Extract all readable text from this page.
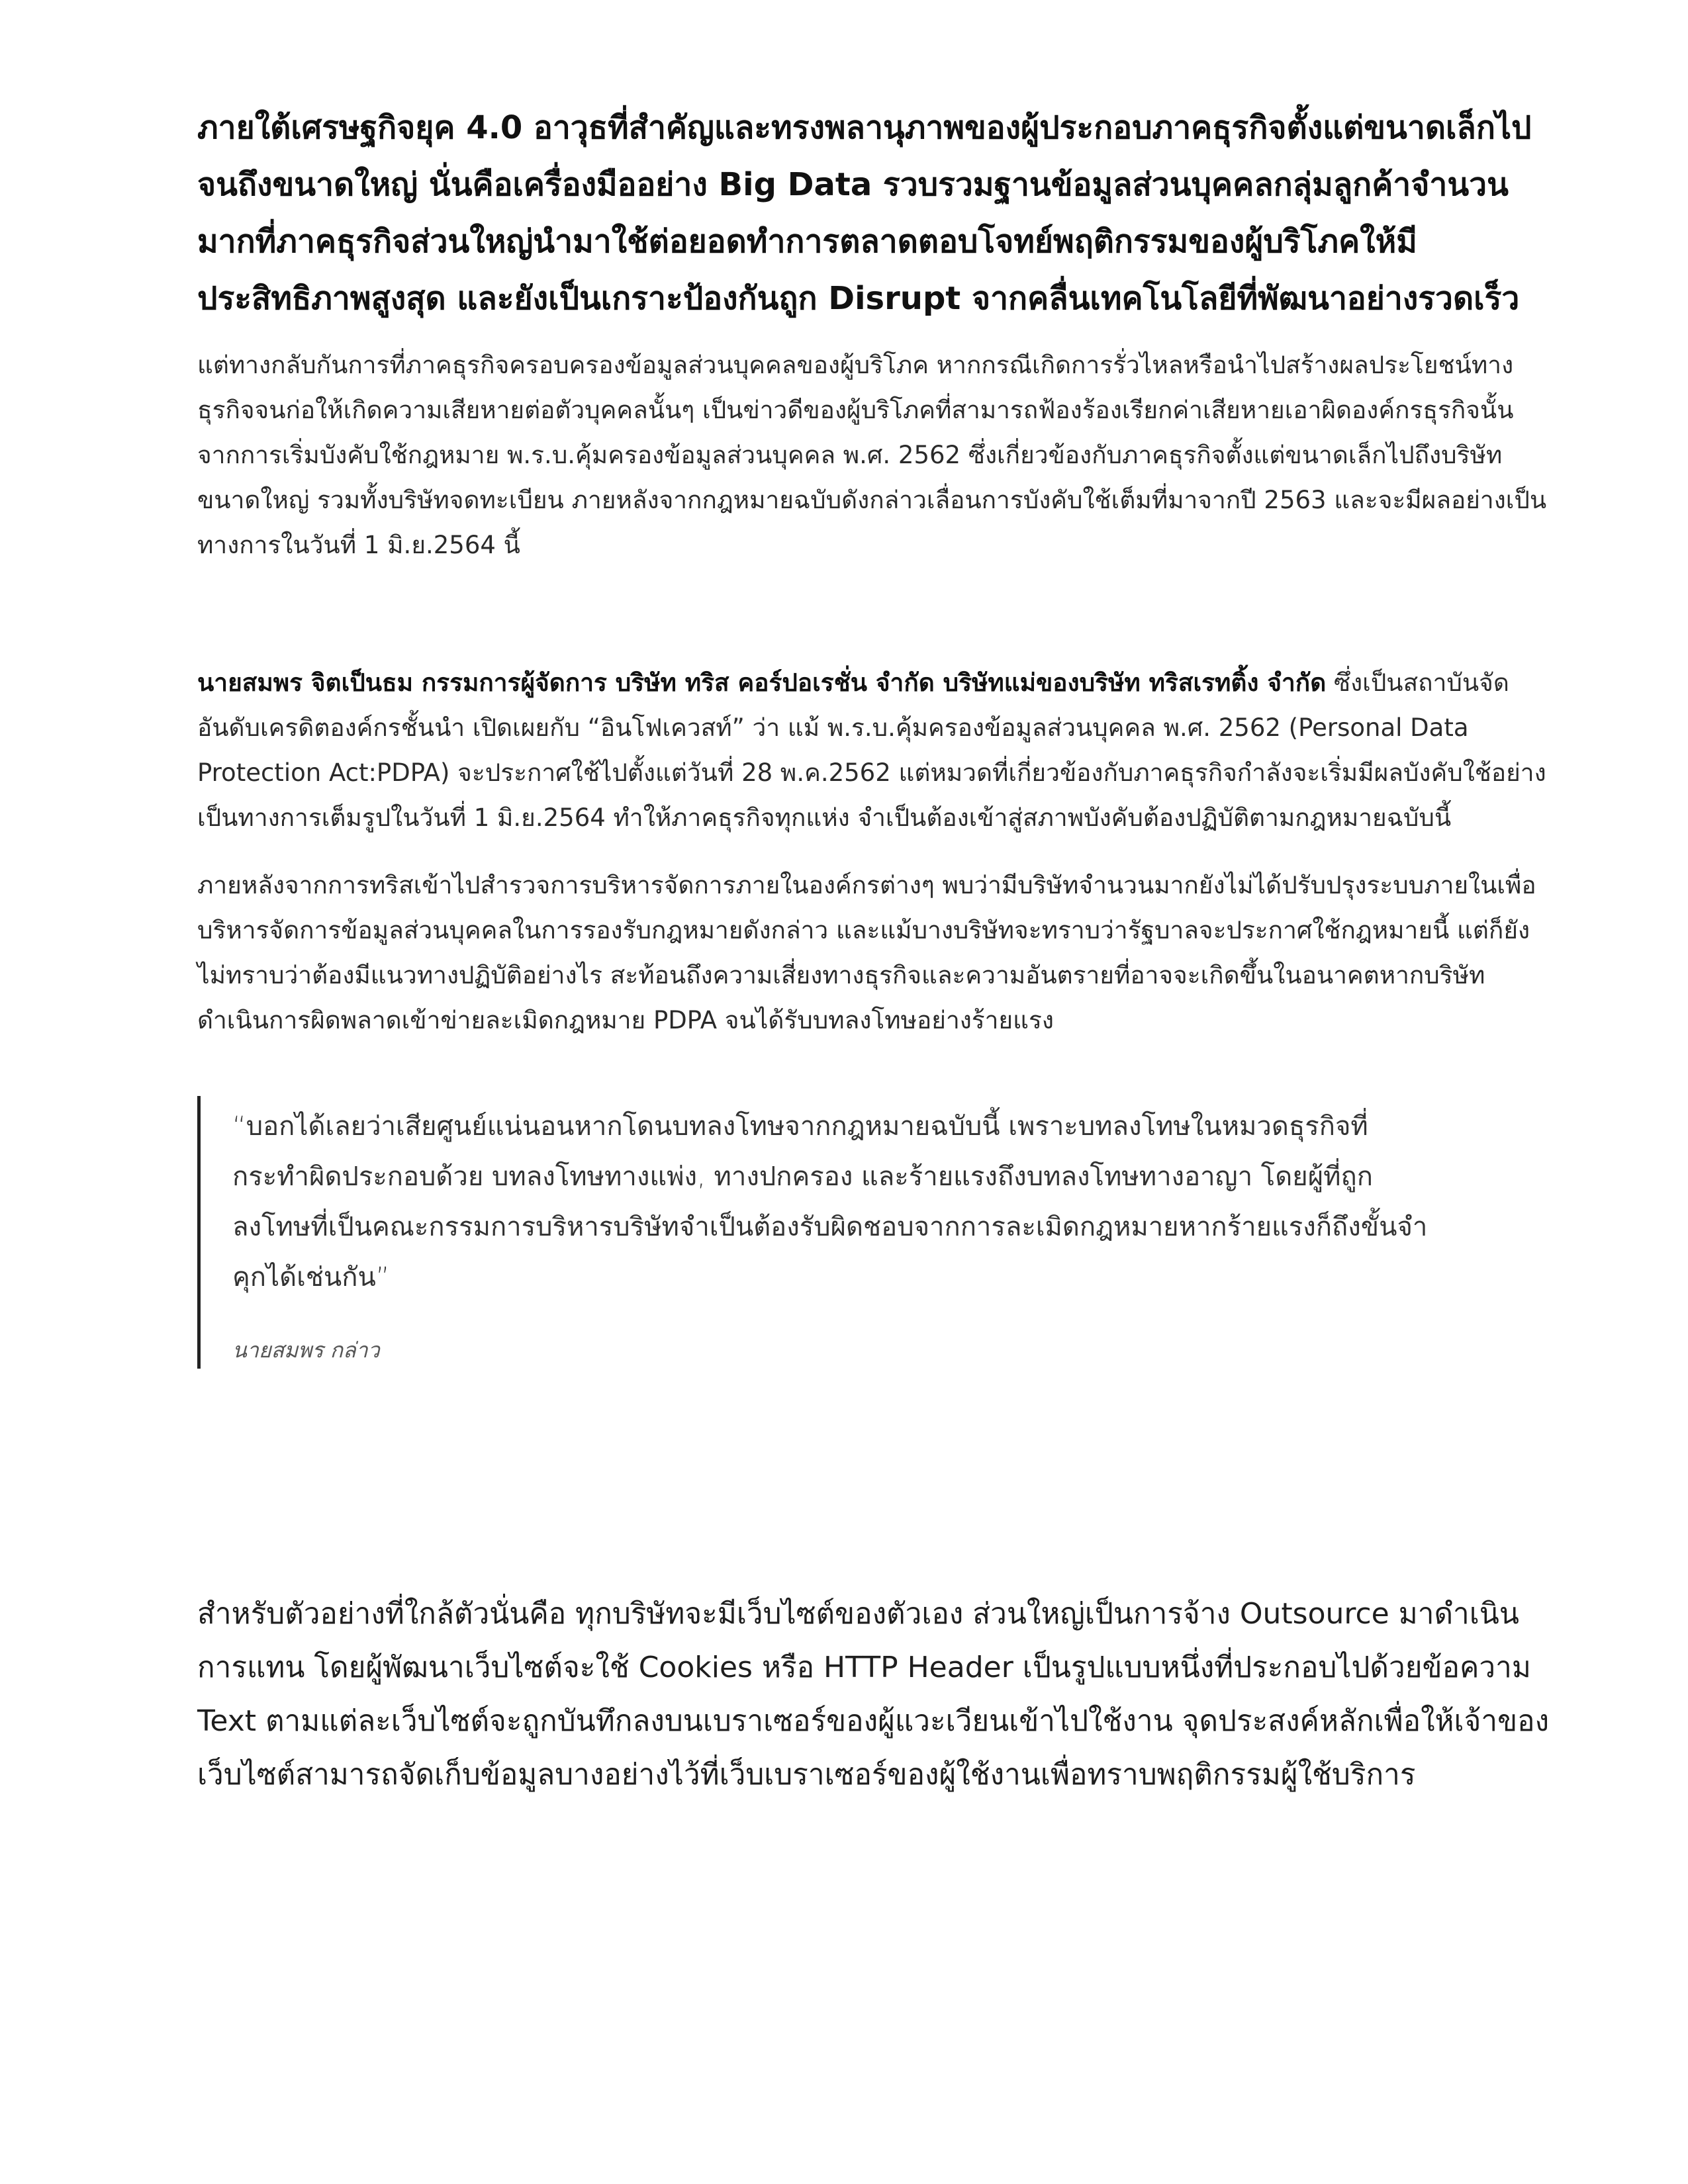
ภายใต้เศรษฐกิจยุค 4.0 อาวุธที่สำคัญและทรงพลานุภาพของผู้ประกอบภาคธุรกิจตั้งแต่ขนาดเล็กไปจนถึงขนาดใหญ่ นั่นคือเครื่องมืออย่าง Big Data รวบรวมฐานข้อมูลส่วนบุคคลกลุ่มลูกค้าจำนวนมากที่ภาคธุรกิจส่วนใหญ่นำมาใช้ต่อยอดทำการตลาดตอบโจทย์พฤติกรรมของผู้บริโภคให้มีประสิทธิภาพสูงสุด และยังเป็นเกราะป้องกันถูก Disrupt จากคลื่นเทคโนโลยีที่พัฒนาอย่างรวดเร็ว

แต่ทางกลับกันการที่ภาคธุรกิจครอบครองข้อมูลส่วนบุคคลของผู้บริโภค หากกรณีเกิดการรั่วไหลหรือนำไปสร้างผลประโยชน์ทางธุรกิจจนก่อให้เกิดความเสียหายต่อตัวบุคคลนั้นๆ เป็นข่าวดีของผู้บริโภคที่สามารถฟ้องร้องเรียกค่าเสียหายเอาผิดองค์กรธุรกิจนั้นจากการเริ่มบังคับใช้กฎหมาย พ.ร.บ.คุ้มครองข้อมูลส่วนบุคคล พ.ศ. 2562 ซึ่งเกี่ยวข้องกับภาคธุรกิจตั้งแต่ขนาดเล็กไปถึงบริษัทขนาดใหญ่ รวมทั้งบริษัทจดทะเบียน ภายหลังจากกฎหมายฉบับดังกล่าวเลื่อนการบังคับใช้เต็มที่มาจากปี 2563 และจะมีผลอย่างเป็นทางการในวันที่ 1 มิ.ย.2564 นี้

นายสมพร จิตเป็นธม กรรมการผู้จัดการ บริษัท ทริส คอร์ปอเรชั่น จำกัด บริษัทแม่ของบริษัท ทริสเรทติ้ง จำกัด ซึ่งเป็นสถาบันจัดอันดับเครดิตองค์กรชั้นนำ เปิดเผยกับ “อินโฟเควสท์” ว่า แม้ พ.ร.บ.คุ้มครองข้อมูลส่วนบุคคล พ.ศ. 2562 (Personal Data Protection Act:PDPA) จะประกาศใช้ไปตั้งแต่วันที่ 28 พ.ค.2562 แต่หมวดที่เกี่ยวข้องกับภาคธุรกิจกำลังจะเริ่มมีผลบังคับใช้อย่างเป็นทางการเต็มรูปในวันที่ 1 มิ.ย.2564 ทำให้ภาคธุรกิจทุกแห่ง จำเป็นต้องเข้าสู่สภาพบังคับต้องปฏิบัติตามกฎหมายฉบับนี้

ภายหลังจากการทริสเข้าไปสำรวจการบริหารจัดการภายในองค์กรต่างๆ พบว่ามีบริษัทจำนวนมากยังไม่ได้ปรับปรุงระบบภายในเพื่อบริหารจัดการข้อมูลส่วนบุคคลในการรองรับกฎหมายดังกล่าว และแม้บางบริษัทจะทราบว่ารัฐบาลจะประกาศใช้กฎหมายนี้ แต่ก็ยังไม่ทราบว่าต้องมีแนวทางปฏิบัติอย่างไร สะท้อนถึงความเสี่ยงทางธุรกิจและความอันตรายที่อาจจะเกิดขึ้นในอนาคตหากบริษัทดำเนินการผิดพลาดเข้าข่ายละเมิดกฎหมาย PDPA จนได้รับบทลงโทษอย่างร้ายแรง

“บอกได้เลยว่าเสียศูนย์แน่นอนหากโดนบทลงโทษจากกฎหมายฉบับนี้ เพราะบทลงโทษในหมวดธุรกิจที่กระทำผิดประกอบด้วย บทลงโทษทางแพ่ง, ทางปกครอง และร้ายแรงถึงบทลงโทษทางอาญา โดยผู้ที่ถูกลงโทษที่เป็นคณะกรรมการบริหารบริษัทจำเป็นต้องรับผิดชอบจากการละเมิดกฎหมายหากร้ายแรงก็ถึงขั้นจำคุกได้เช่นกัน”

นายสมพร กล่าว

สำหรับตัวอย่างที่ใกล้ตัวนั่นคือ ทุกบริษัทจะมีเว็บไซต์ของตัวเอง ส่วนใหญ่เป็นการจ้าง Outsource มาดำเนินการแทน โดยผู้พัฒนาเว็บไซต์จะใช้ Cookies หรือ HTTP Header เป็นรูปแบบหนึ่งที่ประกอบไปด้วยข้อความ Text ตามแต่ละเว็บไซต์จะถูกบันทึกลงบนเบราเซอร์ของผู้แวะเวียนเข้าไปใช้งาน จุดประสงค์หลักเพื่อให้เจ้าของเว็บไซต์สามารถจัดเก็บข้อมูลบางอย่างไว้ที่เว็บเบราเซอร์ของผู้ใช้งานเพื่อทราบพฤติกรรมผู้ใช้บริการ
